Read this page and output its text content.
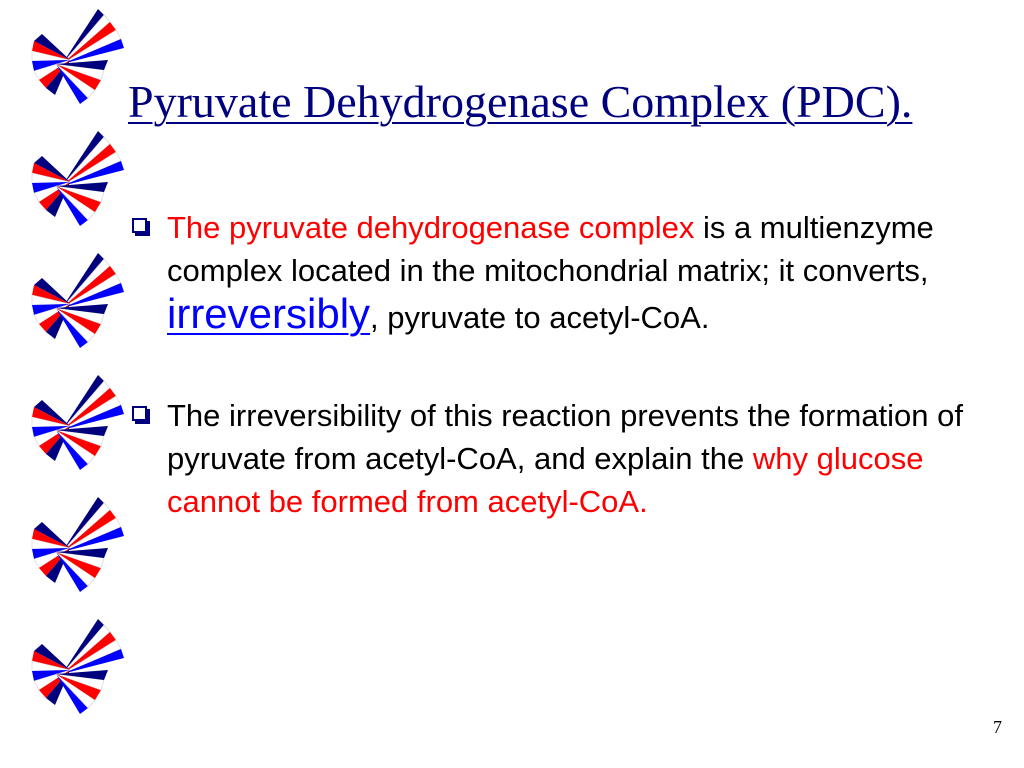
Pyruvate Dehydrogenase Complex (PDC).
The pyruvate dehydrogenase complex is a multienzyme complex located in the mitochondrial matrix; it converts, irreversibly, pyruvate to acetyl-CoA.
The irreversibility of this reaction prevents the formation of pyruvate from acetyl-CoA, and explain the why glucose cannot be formed from acetyl-CoA.
7
